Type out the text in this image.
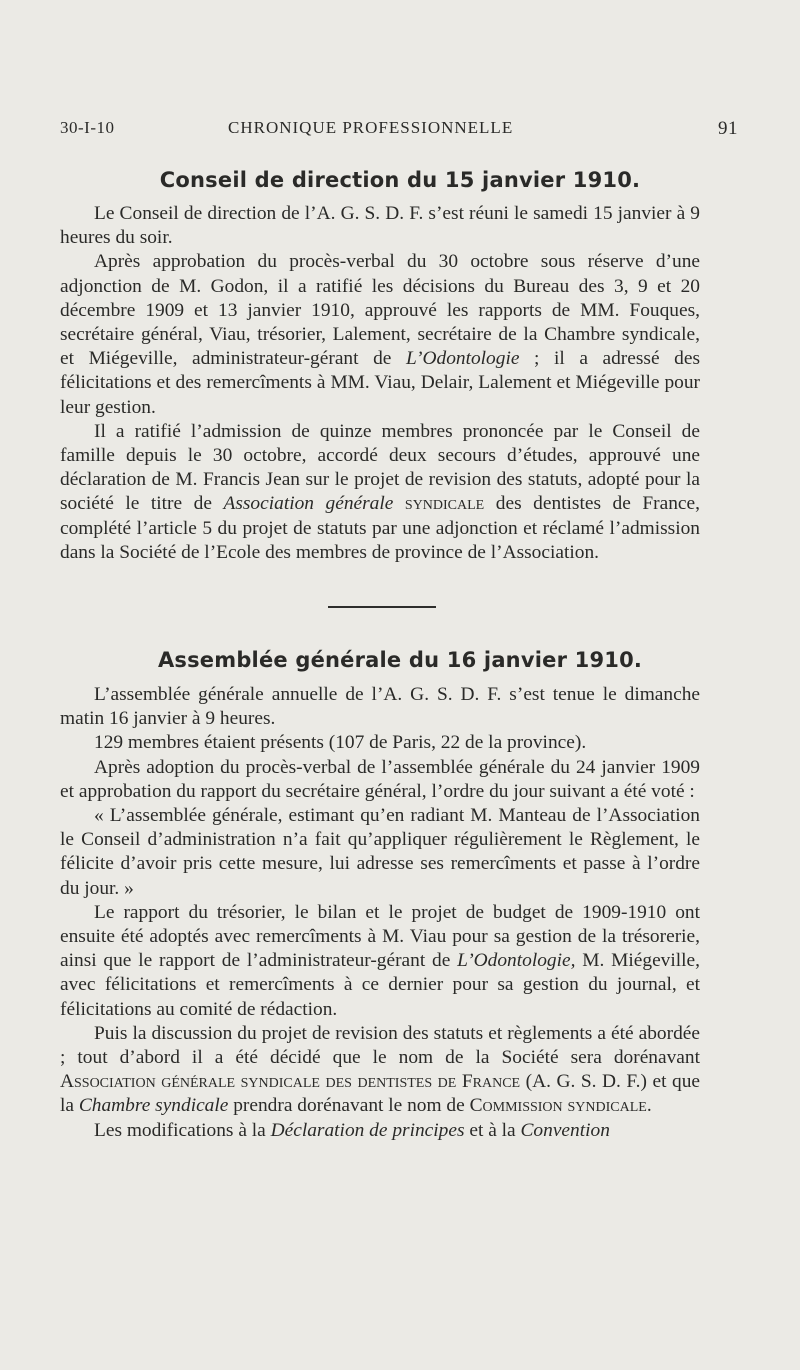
30-I-10	CHRONIQUE PROFESSIONNELLE	91
Conseil de direction du 15 janvier 1910.

Le Conseil de direction de l’A. G. S. D. F. s’est réuni le samedi 15 janvier à 9 heures du soir.

Après approbation du procès-verbal du 30 octobre sous réserve d’une adjonction de M. Godon, il a ratifié les décisions du Bureau des 3, 9 et 20 décembre 1909 et 13 janvier 1910, approuvé les rapports de MM. Fouques, secrétaire général, Viau, trésorier, Lalement, secrétaire de la Chambre syndicale, et Miégeville, administrateur-gérant de L’Odontologie ; il a adressé des félicitations et des remercîments à MM. Viau, Delair, Lalement et Miégeville pour leur gestion.

Il a ratifié l’admission de quinze membres prononcée par le Conseil de famille depuis le 30 octobre, accordé deux secours d’études, approuvé une déclaration de M. Francis Jean sur le projet de revision des statuts, adopté pour la société le titre de Association générale syndicale des dentistes de France, complété l’article 5 du projet de statuts par une adjonction et réclamé l’admission dans la Société de l’Ecole des membres de province de l’Association.

Assemblée générale du 16 janvier 1910.

L’assemblée générale annuelle de l’A. G. S. D. F. s’est tenue le dimanche matin 16 janvier à 9 heures.

129 membres étaient présents (107 de Paris, 22 de la province).

Après adoption du procès-verbal de l’assemblée générale du 24 janvier 1909 et approbation du rapport du secrétaire général, l’ordre du jour suivant a été voté :

« L’assemblée générale, estimant qu’en radiant M. Manteau de l’Association le Conseil d’administration n’a fait qu’appliquer régulièrement le Règlement, le félicite d’avoir pris cette mesure, lui adresse ses remercîments et passe à l’ordre du jour. »

Le rapport du trésorier, le bilan et le projet de budget de 1909-1910 ont ensuite été adoptés avec remercîments à M. Viau pour sa gestion de la trésorerie, ainsi que le rapport de l’administrateur-gérant de L’Odontologie, M. Miégeville, avec félicitations et remercîments à ce dernier pour sa gestion du journal, et félicitations au comité de rédaction.

Puis la discussion du projet de revision des statuts et règlements a été abordée ; tout d’abord il a été décidé que le nom de la Société sera dorénavant Association générale syndicale des dentistes de France (A. G. S. D. F.) et que la Chambre syndicale prendra dorénavant le nom de Commission syndicale.

Les modifications à la Déclaration de principes et à la Convention
